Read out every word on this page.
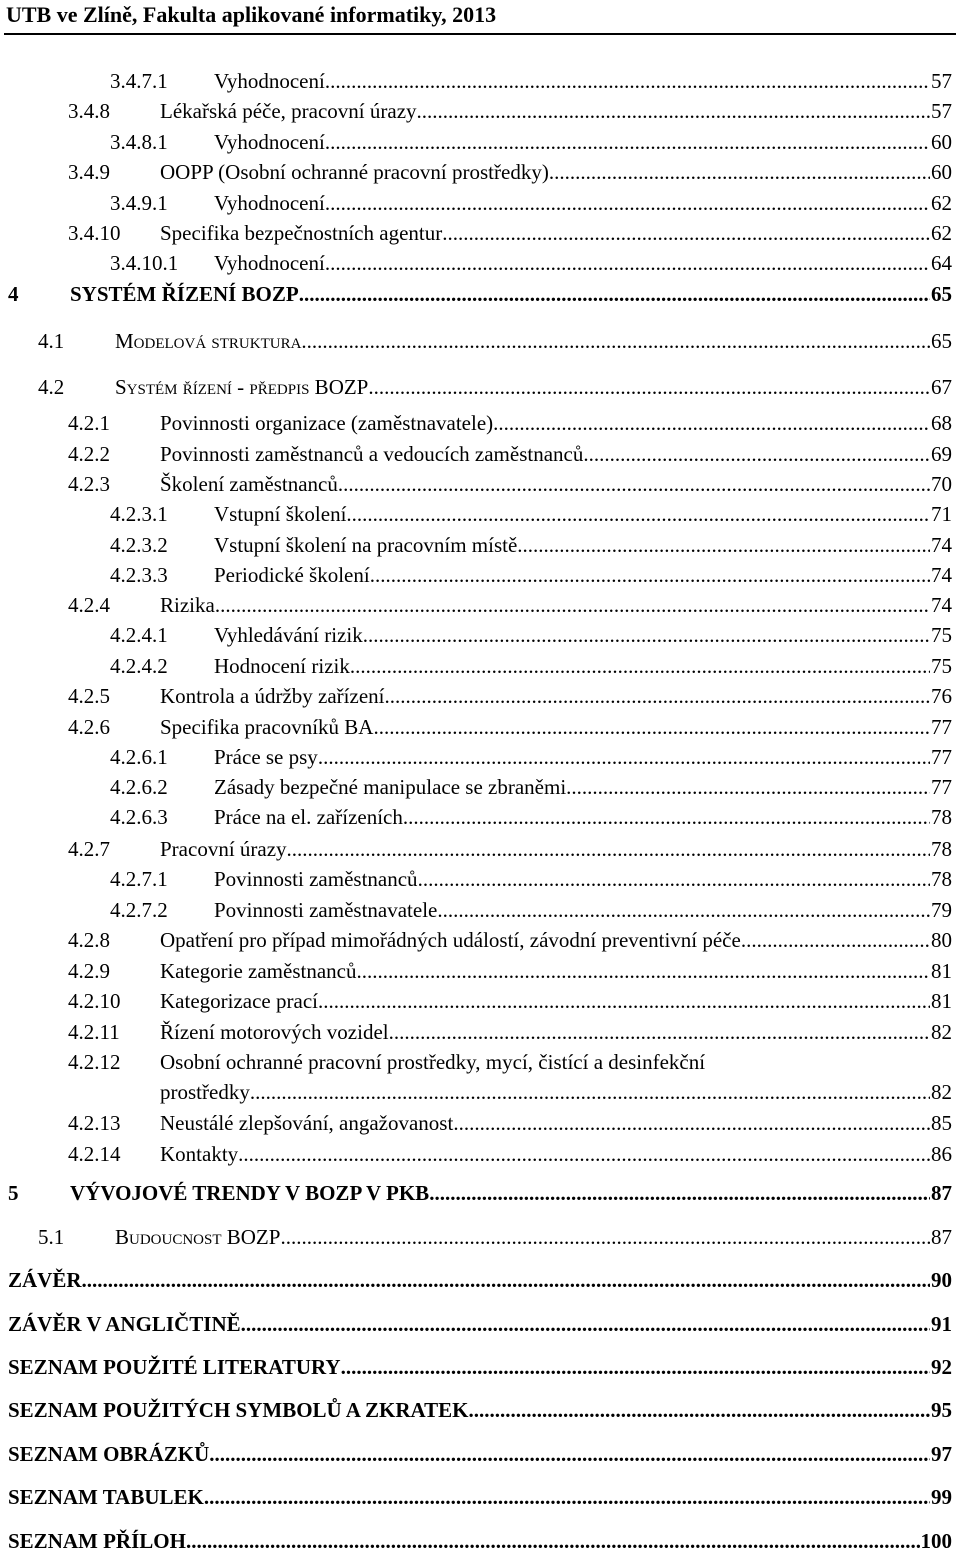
UTB ve Zlíně, Fakulta aplikované informatiky, 2013
3.4.7.1 Vyhodnocení .....	57
3.4.8 Lékařská péče, pracovní úrazy .....	57
3.4.8.1 Vyhodnocení .....	60
3.4.9 OOPP (Osobní ochranné pracovní prostředky) .....	60
3.4.9.1 Vyhodnocení .....	62
3.4.10 Specifika bezpečnostních agentur .....	62
3.4.10.1 Vyhodnocení .....	64
4 SYSTÉM ŘÍZENÍ BOZP .....	65
4.1 Modelová struktura .....	65
4.2 Systém řízení - předpis BOZP .....	67
4.2.1 Povinnosti organizace (zaměstnavatele) .....	68
4.2.2 Povinnosti zaměstnanců a vedoucích zaměstnanců .....	69
4.2.3 Školení zaměstnanců .....	70
4.2.3.1 Vstupní školení .....	71
4.2.3.2 Vstupní školení na pracovním místě .....	74
4.2.3.3 Periodické školení .....	74
4.2.4 Rizika .....	74
4.2.4.1 Vyhledávání rizik .....	75
4.2.4.2 Hodnocení rizik .....	75
4.2.5 Kontrola a údržby zařízení .....	76
4.2.6 Specifika pracovníků BA .....	77
4.2.6.1 Práce se psy .....	77
4.2.6.2 Zásady bezpečné manipulace se zbraněmi .....	77
4.2.6.3 Práce na el. zařízeních .....	78
4.2.7 Pracovní úrazy .....	78
4.2.7.1 Povinnosti zaměstnanců .....	78
4.2.7.2 Povinnosti zaměstnavatele .....	79
4.2.8 Opatření pro případ mimořádných událostí, závodní preventivní péče .....	80
4.2.9 Kategorie zaměstnanců .....	81
4.2.10 Kategorizace prací .....	81
4.2.11 Řízení motorových vozidel .....	82
4.2.12 Osobní ochranné pracovní prostředky, mycí, čistící a desinfekční
prostředky .....	82
4.2.13 Neustálé zlepšování, angažovanost .....	85
4.2.14 Kontakty .....	86
5 VÝVOJOVÉ TRENDY V BOZP V PKB .....	87
5.1 Budoucnost BOZP .....	87
ZÁVĚR .....	90
ZÁVĚR V ANGLIČTINĚ .....	91
SEZNAM POUŽITÉ LITERATURY .....	92
SEZNAM POUŽITÝCH SYMBOLŮ A ZKRATEK .....	95
SEZNAM OBRÁZKŮ .....	97
SEZNAM TABULEK .....	99
SEZNAM PŘÍLOH .....	100
